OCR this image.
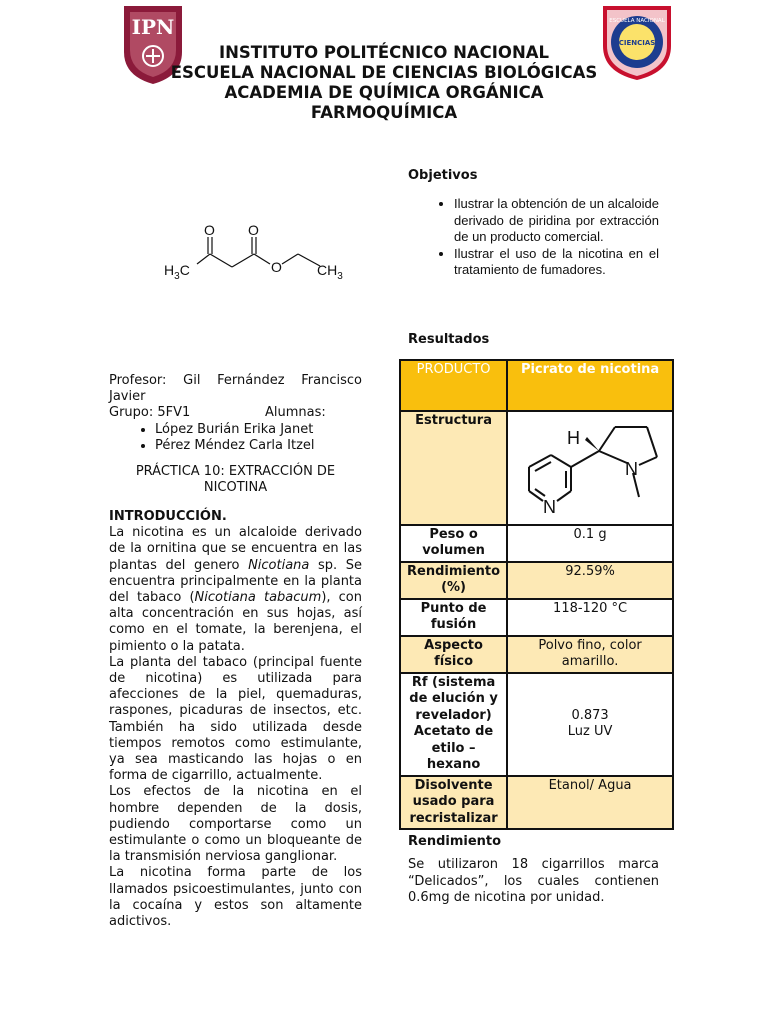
IPN	ESCUELA NACIONAL
CIENCIAS
INSTITUTO POLITÉCNICO NACIONAL
ESCUELA NACIONAL DE CIENCIAS BIOLÓGICAS
ACADEMIA DE QUÍMICA ORGÁNICA
FARMOQUÍMICA
$H_3C$
O O
O	$CH_3$
Objetivos
• Ilustrar la obtención de un alcaloide derivado de piridina por extracción de un producto comercial.
• Ilustrar el uso de la nicotina en el tratamiento de fumadores.
Profesor: Gil Fernández Francisco Javier
Grupo: 5FV1	Alumnas:
• López Burián Erika Janet
• Pérez Méndez Carla Itzel
PRÁCTICA 10: EXTRACCIÓN DE NICOTINA
INTRODUCCIÓN.
La nicotina es un alcaloide derivado de la ornitina que se encuentra en las plantas del genero Nicotiana sp. Se encuentra principalmente en la planta del tabaco (Nicotiana tabacum), con alta concentración en sus hojas, así como en el tomate, la berenjena, el pimiento o la patata.
La planta del tabaco (principal fuente de nicotina) es utilizada para afecciones de la piel, quemaduras, raspones, picaduras de insectos, etc. También ha sido utilizada desde tiempos remotos como estimulante, ya sea masticando las hojas o en forma de cigarrillo, actualmente.
Los efectos de la nicotina en el hombre dependen de la dosis, pudiendo comportarse como un estimulante o como un bloqueante de la transmisión nerviosa ganglionar.
La nicotina forma parte de los llamados psicoestimulantes, junto con la cocaína y estos son altamente adictivos.
Resultados
PRODUCTO	Picrato de nicotina
Estructura	H
N
N

Peso o volumen	0.1 g
Rendimiento (%)	92.59%
Punto de fusión	118-120 °C
Aspecto físico	Polvo fino, color amarillo.
Rf (sistema de elución y revelador) Acetato de etilo – hexano	0.873
Luz UV

Disolvente usado para recristalizar	Etanol/ Agua
Rendimiento
Se utilizaron 18 cigarrillos marca “Delicados”, los cuales contienen 0.6mg de nicotina por unidad.
